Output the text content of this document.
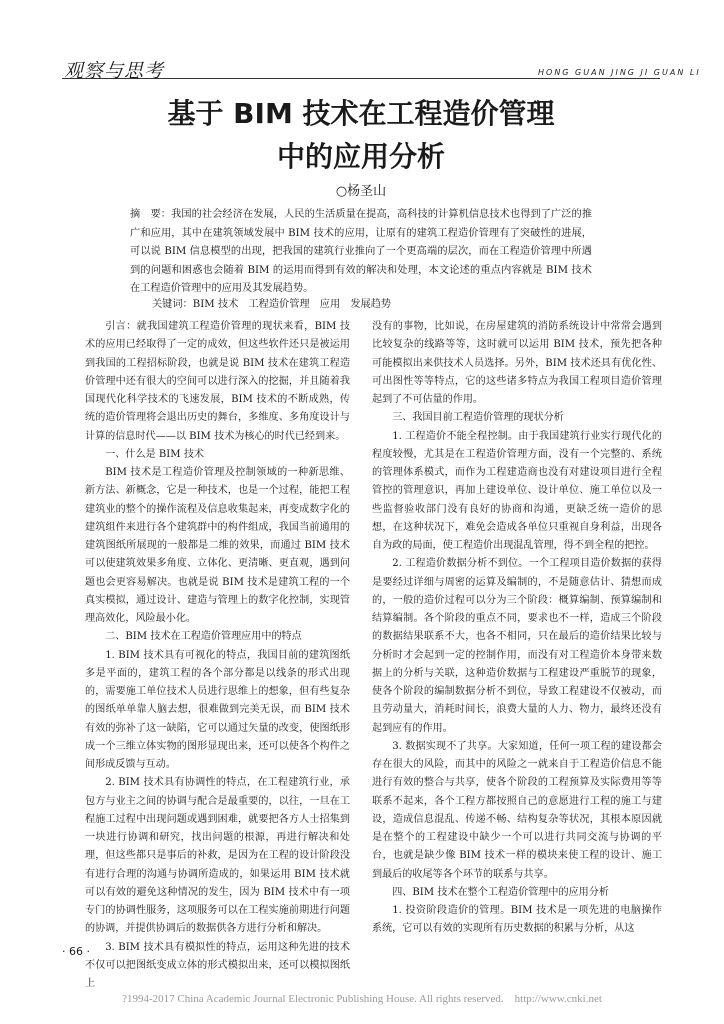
观察与思考	HONG GUAN JING JI GUAN LI
基于 BIM 技术在工程造价管理
中的应用分析
○杨圣山
摘　要：我国的社会经济在发展，人民的生活质量在提高，高科技的计算机信息技术也得到了广泛的推广和应用，其中在建筑领域发展中 BIM 技术的应用，让原有的建筑工程造价管理有了突破性的进展，可以说 BIM 信息模型的出现，把我国的建筑行业推向了一个更高端的层次，而在工程造价管理中所遇到的问题和困惑也会随着 BIM 的运用而得到有效的解决和处理，本文论述的重点内容就是 BIM 技术在工程造价管理中的应用及其发展趋势。
关键词：BIM 技术　工程造价管理　应用　发展趋势

引言：就我国建筑工程造价管理的现状来看，BIM 技术的应用已经取得了一定的成效，但这些软件还只是被运用到我国的工程招标阶段，也就是说 BIM 技术在建筑工程造价管理中还有很大的空间可以进行深入的挖掘，并且随着我国现代化科学技术的飞速发展，BIM 技术的不断成熟，传统的造价管理将会退出历史的舞台，多维度、多角度设计与计算的信息时代——以 BIM 技术为核心的时代已经到来。

一、什么是 BIM 技术

BIM 技术是工程造价管理及控制领域的一种新思维、新方法、新概念，它是一种技术，也是一个过程，能把工程建筑业的整个的操作流程及信息收集起来，再变成数字化的建筑组件来进行各个建筑群中的构件组成，我国当前通用的建筑图纸所展现的一般都是二维的效果，而通过 BIM 技术可以使建筑效果多角度、立体化、更清晰、更直观，遇到问题也会更容易解决。也就是说 BIM 技术是建筑工程的一个真实模拟，通过设计、建造与管理上的数字化控制，实现管理高效化，风险最小化。

二、BIM 技术在工程造价管理应用中的特点

1. BIM 技术具有可视化的特点，我国目前的建筑图纸多是平面的，建筑工程的各个部分都是以线条的形式出现的，需要施工单位技术人员进行思维上的想象，但有些复杂的图纸单单靠人脑去想，很难做到完美无误，而 BIM 技术有效的弥补了这一缺陷，它可以通过矢量的改变，使图纸形成一个三维立体实物的图形显现出来，还可以使各个构件之间形成反馈与互动。

2. BIM 技术具有协调性的特点，在工程建筑行业，承包方与业主之间的协调与配合是最重要的，以往，一旦在工程施工过程中出现问题或遇到困难，就要把各方人士招集到一块进行协调和研究，找出问题的根源，再进行解决和处理，但这些都只是事后的补救，是因为在工程的设计阶段没有进行合理的沟通与协调所造成的，如果运用 BIM 技术就可以有效的避免这种情况的发生，因为 BIM 技术中有一项专门的协调性服务，这项服务可以在工程实施前期进行问题的协调，并提供协调后的数据供各方进行分析和解决。

3. BIM 技术具有模拟性的特点，运用这种先进的技术不仅可以把图纸变成立体的形式模拟出来，还可以模拟图纸上

没有的事物，比如说，在房屋建筑的消防系统设计中常常会遇到比较复杂的线路等等，这时就可以运用 BIM 技术，预先把各种可能模拟出来供技术人员选择。另外，BIM 技术还具有优化性、可出图性等等特点，它的这些诸多特点为我国工程项目造价管理起到了不可估量的作用。

三、我国目前工程造价管理的现状分析

1. 工程造价不能全程控制。由于我国建筑行业实行现代化的程度较慢，尤其是在工程造价管理方面，没有一个完整的、系统的管理体系模式，而作为工程建造商也没有对建设项目进行全程管控的管理意识，再加上建设单位、设计单位、施工单位以及一些监督验收部门没有良好的协商和沟通，更缺乏统一造价的思想，在这种状况下，难免会造成各单位只重视自身利益，出现各自为政的局面，使工程造价出现混乱管理，得不到全程的把控。

2. 工程造价数据分析不到位。一个工程项目造价数据的获得是要经过详细与周密的运算及编制的，不是随意估计、猜想而成的，一般的造价过程可以分为三个阶段：概算编制、预算编制和结算编制。各个阶段的重点不同，要求也不一样，造成三个阶段的数据结果联系不大，也各不相同，只在最后的造价结果比较与分析时才会起到一定的控制作用，而没有对工程造价本身带来数据上的分析与关联，这种造价数据与工程建设严重脱节的现象，使各个阶段的编制数据分析不到位，导致工程建设不仅被动，而且劳动量大，消耗时间长，浪费大量的人力、物力，最终还没有起到应有的作用。

3. 数据实现不了共享。大家知道，任何一项工程的建设都会存在很大的风险，而其中的风险之一就来自于工程造价信息不能进行有效的整合与共享，使各个阶段的工程预算及实际费用等等联系不起来，各个工程方都按照自己的意愿进行工程的施工与建设，造成信息混乱、传递不畅、结构复杂等状况，其根本原因就是在整个的工程建设中缺少一个可以进行共同交流与协调的平台，也就是缺少像 BIM 技术一样的模块来使工程的设计、施工到最后的收尾等各个环节的联系与共享。

四、BIM 技术在整个工程造价管理中的应用分析

1. 投资阶段造价的管理。BIM 技术是一项先进的电脑操作系统，它可以有效的实现所有历史数据的积累与分析，从这

· 66 ·
?1994-2017 China Academic Journal Electronic Publishing House. All rights reserved.　http://www.cnki.net
